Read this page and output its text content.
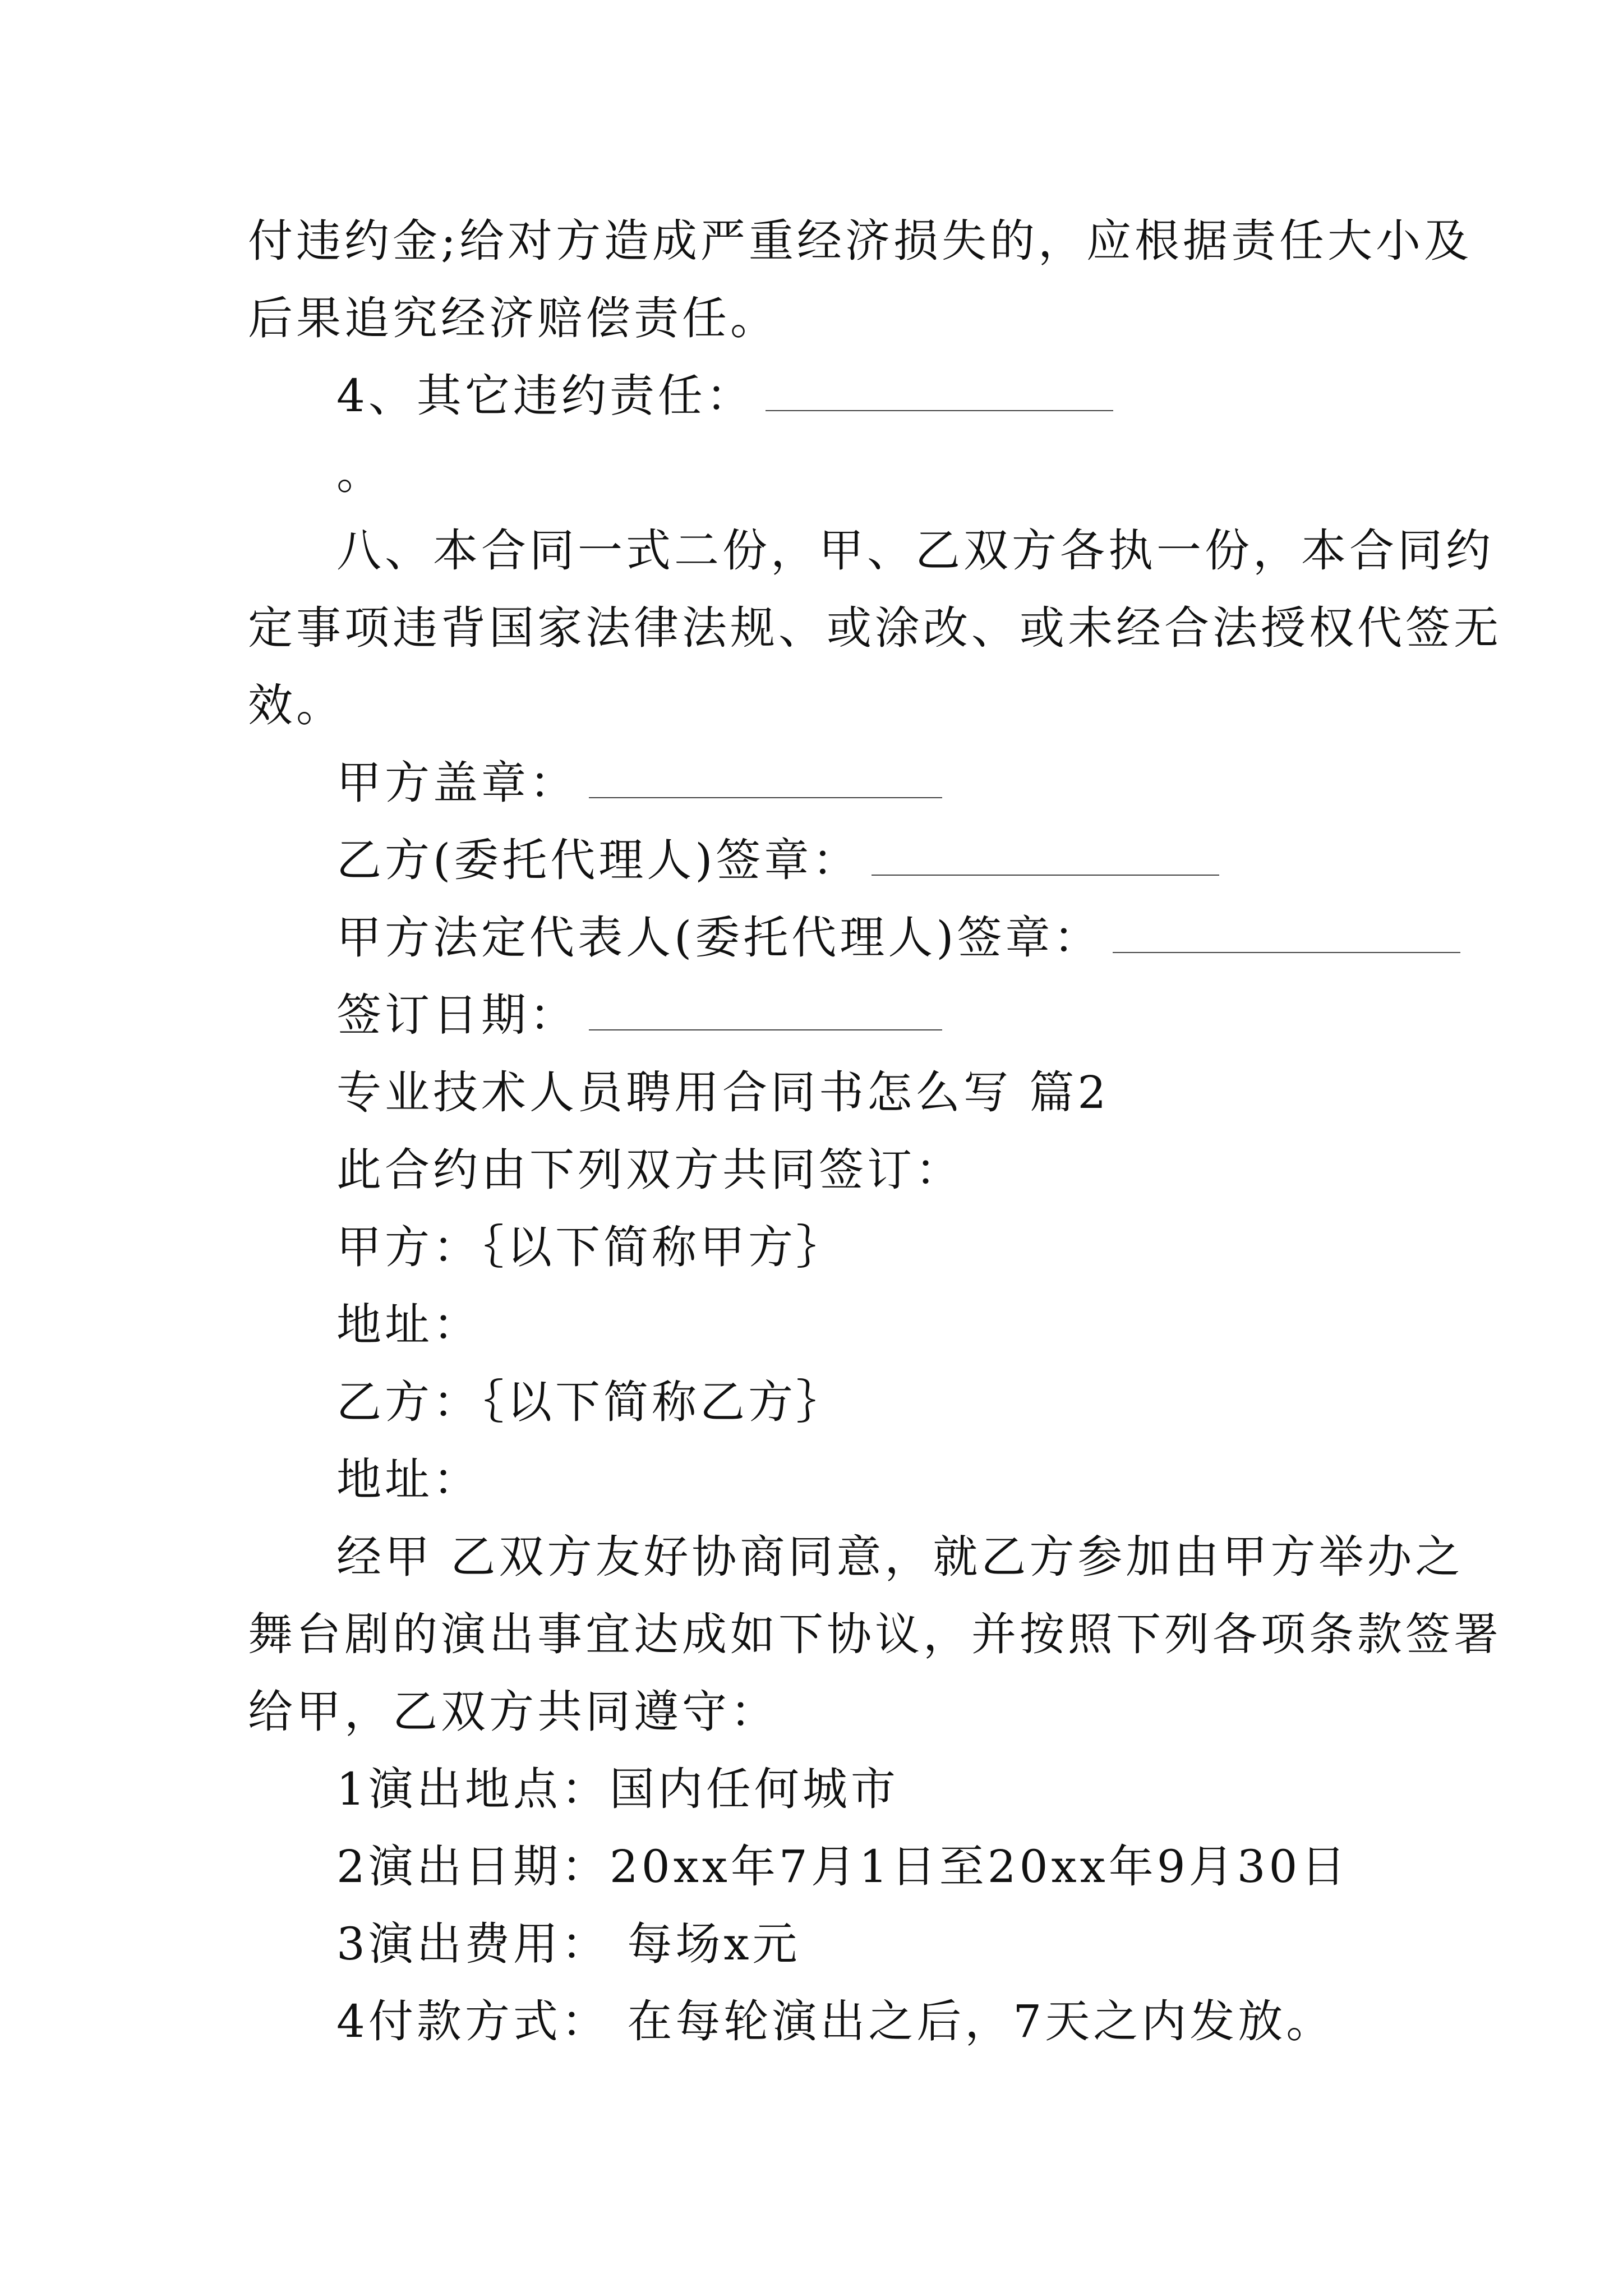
付违约金;给对方造成严重经济损失的，应根据责任大小及
后果追究经济赔偿责任。
4、其它违约责任：
。
八、本合同一式二份，甲、乙双方各执一份，本合同约
定事项违背国家法律法规、或涂改、或未经合法授权代签无
效。
甲方盖章：
乙方(委托代理人)签章：
甲方法定代表人(委托代理人)签章：
签订日期：
专业技术人员聘用合同书怎么写 篇2
此合约由下列双方共同签订：
甲方：｛以下简称甲方｝
地址：
乙方：｛以下简称乙方｝
地址：
经甲 乙双方友好协商同意，就乙方参加由甲方举办之
舞台剧的演出事宜达成如下协议，并按照下列各项条款签署
给甲，乙双方共同遵守：
1演出地点：国内任何城市
2演出日期：20xx年7月1日至20xx年9月30日
3演出费用： 每场x元
4付款方式： 在每轮演出之后，7天之内发放。
